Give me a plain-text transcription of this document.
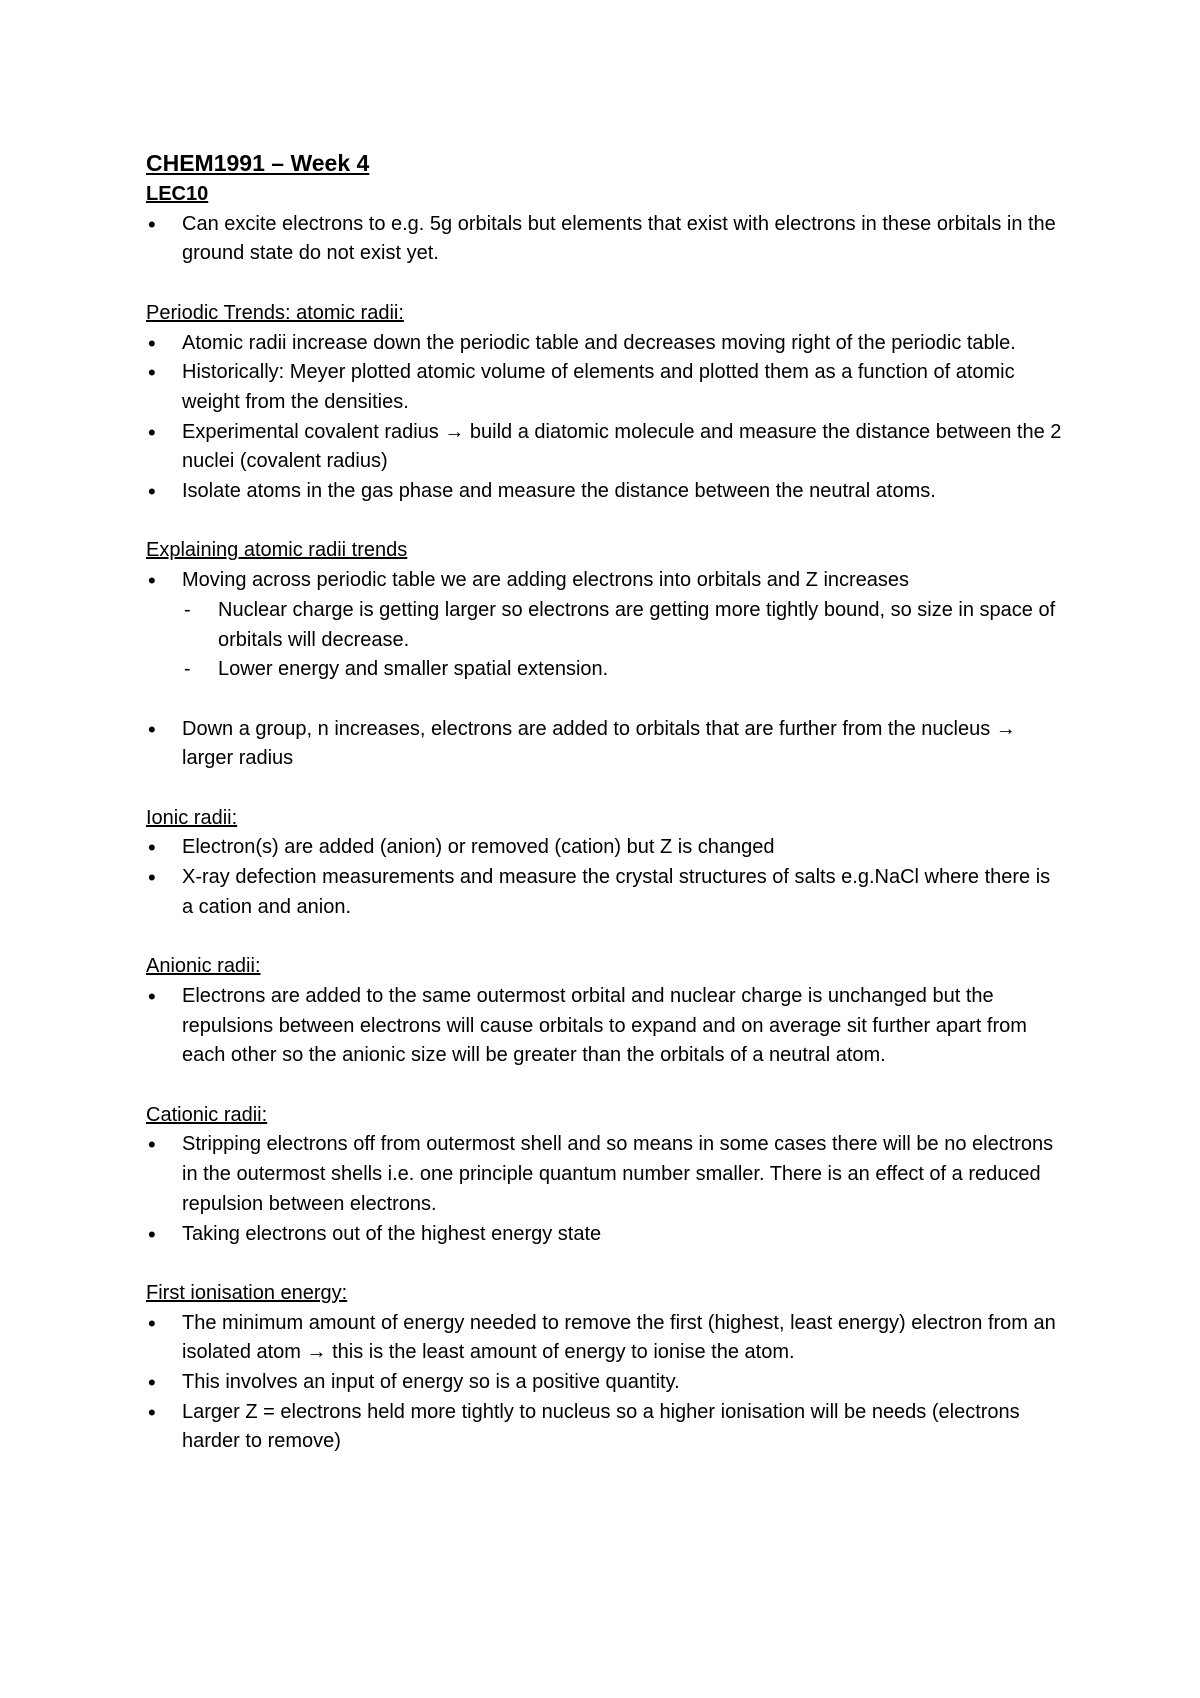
CHEM1991 – Week 4

LEC10

• Can excite electrons to e.g. 5g orbitals but elements that exist with electrons in these orbitals in the ground state do not exist yet.

Periodic Trends: atomic radii:

• Atomic radii increase down the periodic table and decreases moving right of the periodic table.
• Historically: Meyer plotted atomic volume of elements and plotted them as a function of atomic weight from the densities.
• Experimental covalent radius → build a diatomic molecule and measure the distance between the 2 nuclei (covalent radius)
• Isolate atoms in the gas phase and measure the distance between the neutral atoms.

Explaining atomic radii trends

• Moving across periodic table we are adding electrons into orbitals and Z increases
- Nuclear charge is getting larger so electrons are getting more tightly bound, so size in space of orbitals will decrease.
- Lower energy and smaller spatial extension.
• Down a group, n increases, electrons are added to orbitals that are further from the nucleus → larger radius

Ionic radii:

• Electron(s) are added (anion) or removed (cation) but Z is changed
• X-ray defection measurements and measure the crystal structures of salts e.g.NaCl where there is a cation and anion.

Anionic radii:

• Electrons are added to the same outermost orbital and nuclear charge is unchanged but the repulsions between electrons will cause orbitals to expand and on average sit further apart from each other so the anionic size will be greater than the orbitals of a neutral atom.

Cationic radii:

• Stripping electrons off from outermost shell and so means in some cases there will be no electrons in the outermost shells i.e. one principle quantum number smaller. There is an effect of a reduced repulsion between electrons.
• Taking electrons out of the highest energy state

First ionisation energy:

• The minimum amount of energy needed to remove the first (highest, least energy) electron from an isolated atom → this is the least amount of energy to ionise the atom.
• This involves an input of energy so is a positive quantity.
• Larger Z = electrons held more tightly to nucleus so a higher ionisation will be needs (electrons harder to remove)
